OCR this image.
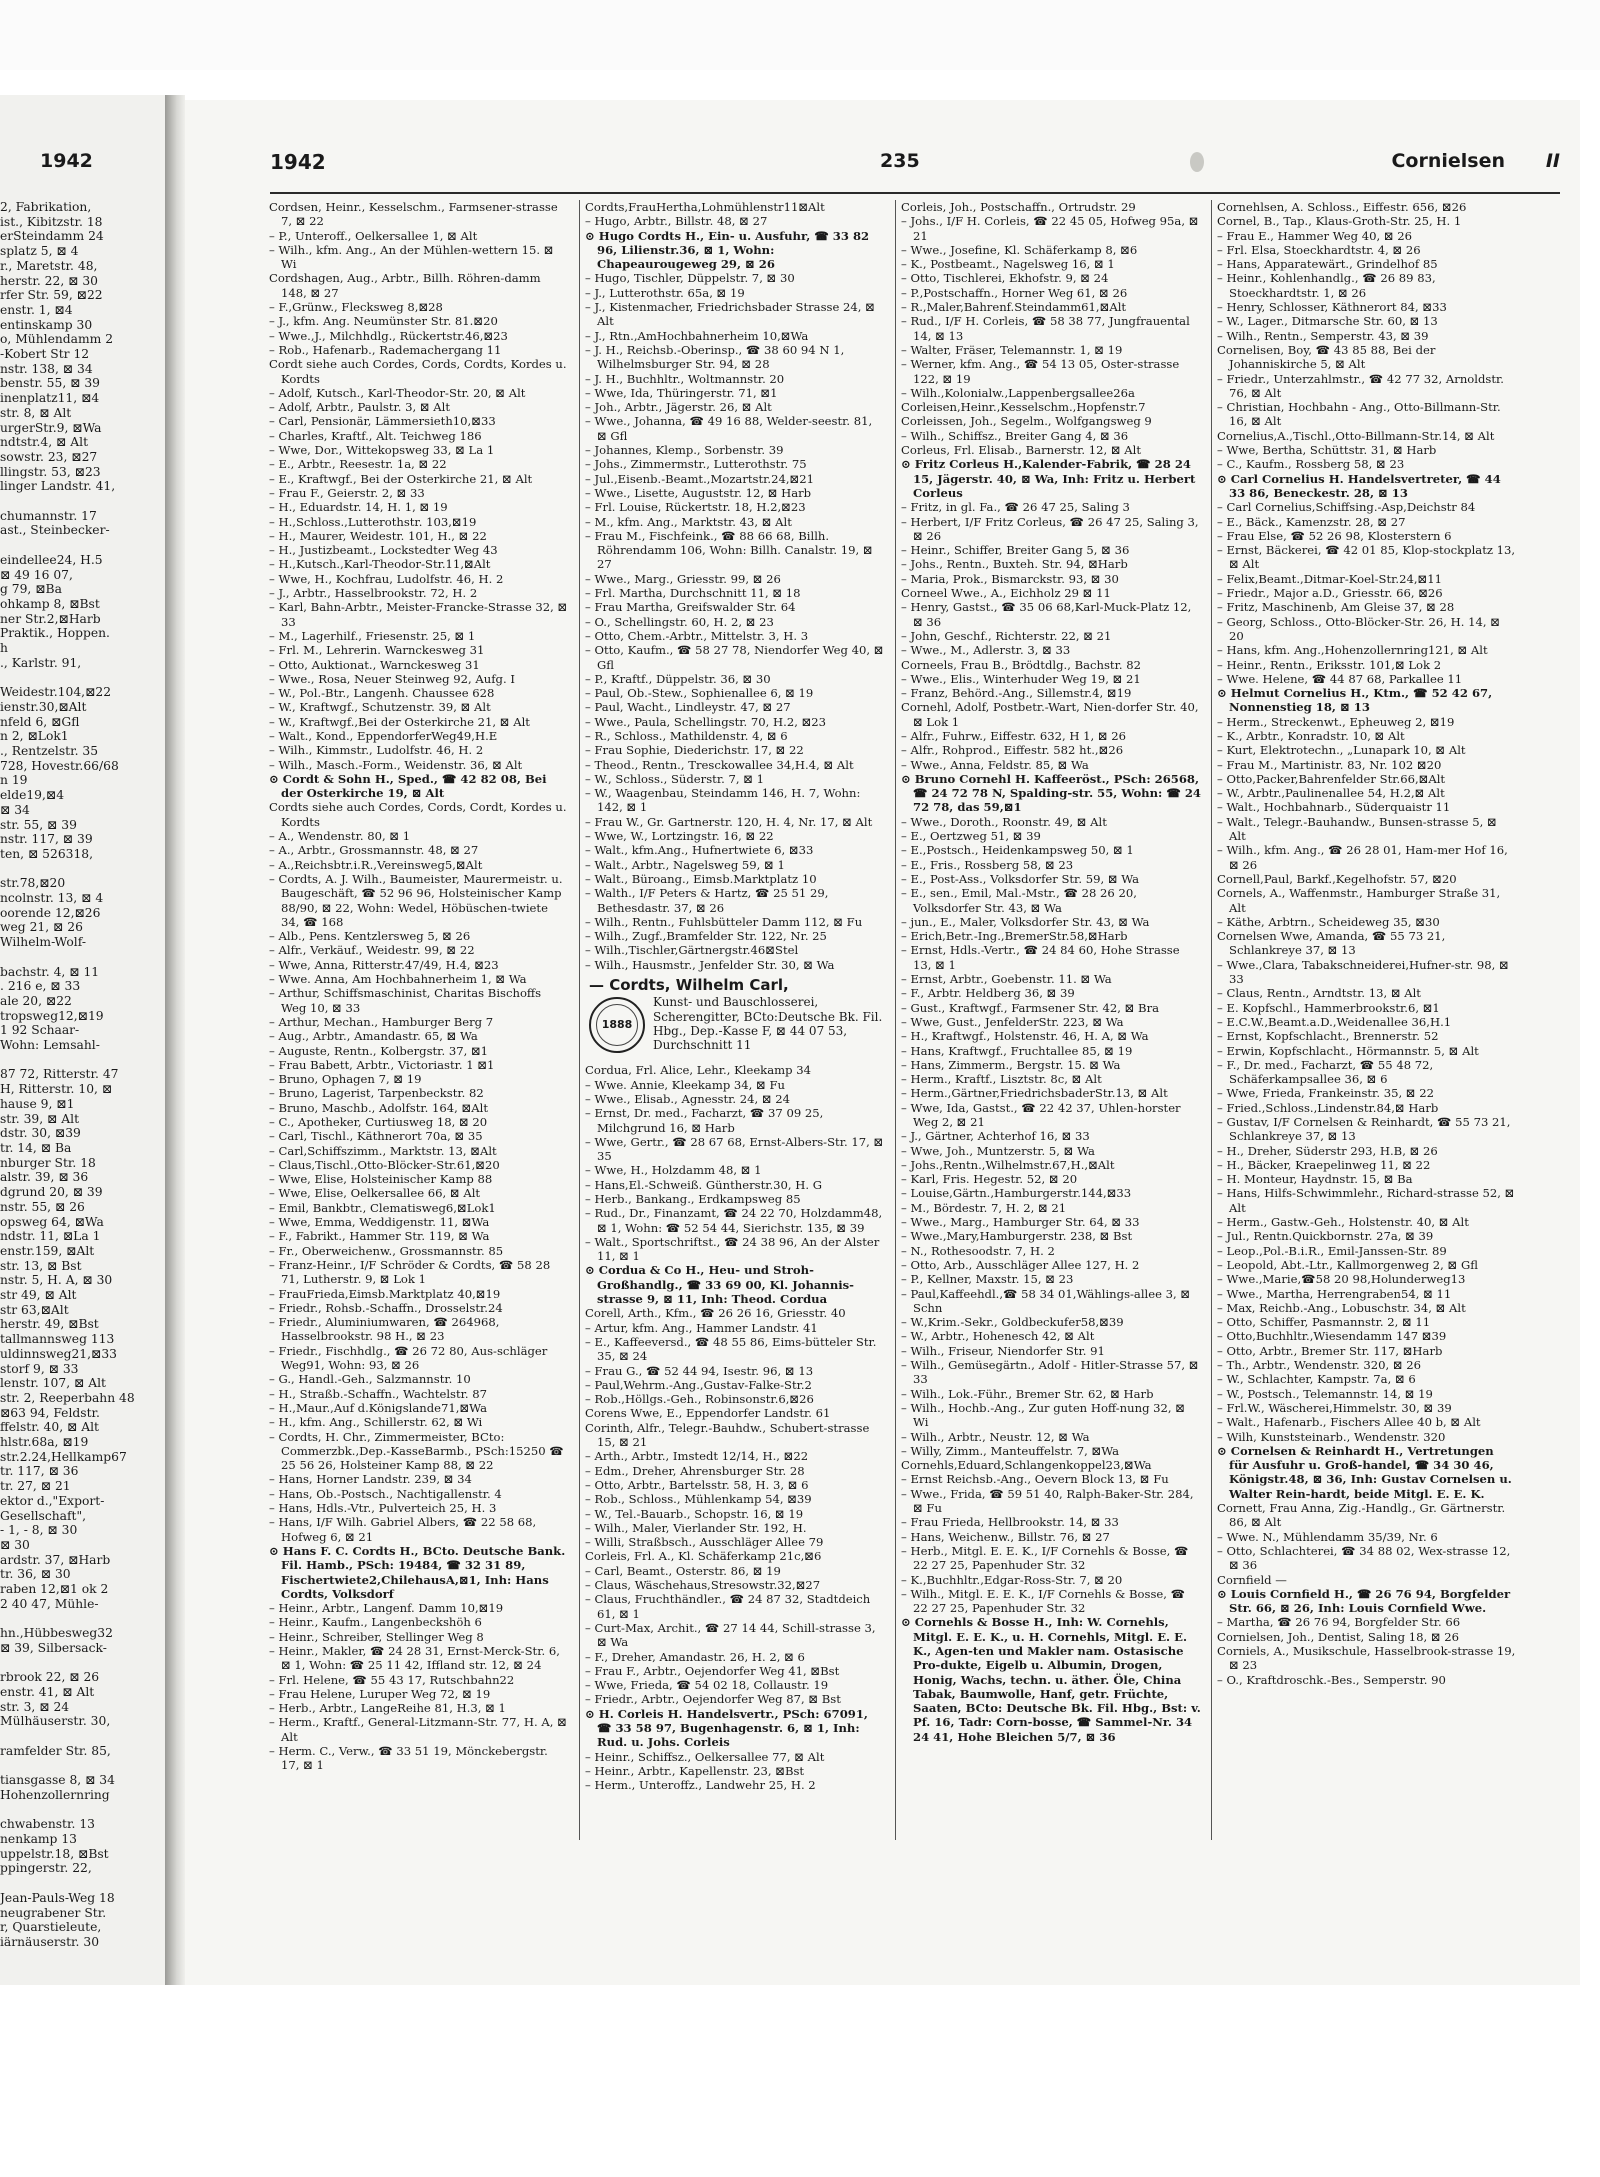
1942
2, Fabrikation,
ist., Kibitzstr. 18
erSteindamm 24
splatz 5, ⊠ 4
r., Maretstr. 48,
herstr. 22, ⊠ 30
rfer Str. 59, ⊠22
enstr. 1, ⊠4
entinskamp 30
o, Mühlendamm 2
-Kobert Str 12
nstr. 138, ⊠ 34
benstr. 55, ⊠ 39
inenplatz11, ⊠4
str. 8, ⊠ Alt
urgerStr.9, ⊠Wa
ndtstr.4, ⊠ Alt
sowstr. 23, ⊠27
llingstr. 53, ⊠23
linger Landstr. 41,

chumannstr. 17
ast., Steinbecker-

eindellee24, H.5
⊠ 49 16 07,
g 79, ⊠Ba
ohkamp 8, ⊠Bst
ner Str.2,⊠Harb
Praktik., Hoppen.
h
., Karlstr. 91,

Weidestr.104,⊠22
ienstr.30,⊠Alt
nfeld 6, ⊠Gfl
n 2, ⊠Lok1
., Rentzelstr. 35
728, Hovestr.66/68
n 19
elde19,⊠4
⊠ 34
str. 55, ⊠ 39
nstr. 117, ⊠ 39
ten, ⊠ 526318,

str.78,⊠20
ncolnstr. 13, ⊠ 4
oorende 12,⊠26
weg 21, ⊠ 26
Wilhelm-Wolf-

bachstr. 4, ⊠ 11
. 216 e, ⊠ 33
ale 20, ⊠22
tropsweg12,⊠19
1 92 Schaar-
Wohn: Lemsahl-

87 72, Ritterstr. 47
H, Ritterstr. 10, ⊠
hause 9, ⊠1
str. 39, ⊠ Alt
dstr. 30, ⊠39
tr. 14, ⊠ Ba
nburger Str. 18
alstr. 39, ⊠ 36
dgrund 20, ⊠ 39
nstr. 55, ⊠ 26
opsweg 64, ⊠Wa
ndstr. 11, ⊠La 1
enstr.159, ⊠Alt
str. 13, ⊠ Bst
nstr. 5, H. A, ⊠ 30
str 49, ⊠ Alt
str 63,⊠Alt
herstr. 49, ⊠Bst
tallmannsweg 113
uldinnsweg21,⊠33
storf 9, ⊠ 33
lenstr. 107, ⊠ Alt
str. 2, Reeperbahn 48
⊠63 94, Feldstr.
ffelstr. 40, ⊠ Alt
hlstr.68a, ⊠19
str.2.24,Hellkamp67
tr. 117, ⊠ 36
tr. 27, ⊠ 21
ektor d.,"Export-
Gesellschaft",
- 1, - 8, ⊠ 30
⊠ 30
ardstr. 37, ⊠Harb
tr. 36, ⊠ 30
raben 12,⊠1 ok 2
2 40 47, Mühle-

hn.,Hübbesweg32
⊠ 39, Silbersack-

rbrook 22, ⊠ 26
enstr. 41, ⊠ Alt
str. 3, ⊠ 24
Mülhäuserstr. 30,

ramfelder Str. 85,

tiansgasse 8, ⊠ 34
Hohenzollernring

chwabenstr. 13
nenkamp 13
uppelstr.18, ⊠Bst
ppingerstr. 22,

Jean-Pauls-Weg 18
neugrabener Str.
r, Quarstieleute,
iärnäuserstr. 30
1942	235	Cornielsen II

Cordsen, Heinr., Kesselschm., Farmsener-strasse 7, ⊠ 22

– P., Unteroff., Oelkersallee 1, ⊠ Alt

– Wilh., kfm. Ang., An der Mühlen-wettern 15. ⊠ Wi

Cordshagen, Aug., Arbtr., Billh. Röhren-damm 148, ⊠ 27

– F.,Grünw., Flecksweg 8,⊠28

– J., kfm. Ang. Neumünster Str. 81.⊠20

– Wwe.,J., Milchhdlg., Rückertstr.46,⊠23

– Rob., Hafenarb., Rademachergang 11

Cordt siehe auch Cordes, Cords, Cordts, Kordes u. Kordts

– Adolf, Kutsch., Karl-Theodor-Str. 20, ⊠ Alt

– Adolf, Arbtr., Paulstr. 3, ⊠ Alt

– Carl, Pensionär, Lämmersieth10,⊠33

– Charles, Kraftf., Alt. Teichweg 186

– Wwe, Dor., Wittekopsweg 33, ⊠ La 1

– E., Arbtr., Reesestr. 1a, ⊠ 22

– E., Kraftwgf., Bei der Osterkirche 21, ⊠ Alt

– Frau F., Geierstr. 2, ⊠ 33

– H., Eduardstr. 14, H. 1, ⊠ 19

– H.,Schloss.,Lutterothstr. 103,⊠19

– H., Maurer, Weidestr. 101, H., ⊠ 22

– H., Justizbeamt., Lockstedter Weg 43

– H.,Kutsch.,Karl-Theodor-Str.11,⊠Alt

– Wwe, H., Kochfrau, Ludolfstr. 46, H. 2

– J., Arbtr., Hasselbrookstr. 72, H. 2

– Karl, Bahn-Arbtr., Meister-Francke-Strasse 32, ⊠ 33

– M., Lagerhilf., Friesenstr. 25, ⊠ 1

– Frl. M., Lehrerin. Warnckesweg 31

– Otto, Auktionat., Warnckesweg 31

– Wwe., Rosa, Neuer Steinweg 92, Aufg. I

– W., Pol.-Btr., Langenh. Chaussee 628

– W., Kraftwgf., Schutzenstr. 39, ⊠ Alt

– W., Kraftwgf.,Bei der Osterkirche 21, ⊠ Alt

– Walt., Kond., EppendorferWeg49,H.E

– Wilh., Kimmstr., Ludolfstr. 46, H. 2

– Wilh., Masch.-Form., Weidenstr. 36, ⊠ Alt

⊙ Cordt & Sohn H., Sped., ☎ 42 82 08, Bei der Osterkirche 19, ⊠ Alt

Cordts siehe auch Cordes, Cords, Cordt, Kordes u. Kordts

– A., Wendenstr. 80, ⊠ 1

– A., Arbtr., Grossmannstr. 48, ⊠ 27

– A.,Reichsbtr.i.R.,Vereinsweg5,⊠Alt

– Cordts, A. J. Wilh., Baumeister, Maurermeistr. u. Baugeschäft, ☎ 52 96 96, Holsteinischer Kamp 88/90, ⊠ 22, Wohn: Wedel, Höbüschen-twiete 34, ☎ 168

– Alb., Pens. Kentzlersweg 5, ⊠ 26

– Alfr., Verkäuf., Weidestr. 99, ⊠ 22

– Wwe, Anna, Ritterstr.47/49, H.4, ⊠23

– Wwe. Anna, Am Hochbahnerheim 1, ⊠ Wa

– Arthur, Schiffsmaschinist, Charitas Bischoffs Weg 10, ⊠ 33

– Arthur, Mechan., Hamburger Berg 7

– Aug., Arbtr., Amandastr. 65, ⊠ Wa

– Auguste, Rentn., Kolbergstr. 37, ⊠1

– Frau Babett, Arbtr., Victoriastr. 1 ⊠1

– Bruno, Ophagen 7, ⊠ 19

– Bruno, Lagerist, Tarpenbeckstr. 82

– Bruno, Maschb., Adolfstr. 164, ⊠Alt

– C., Apotheker, Curtiusweg 18, ⊠ 20

– Carl, Tischl., Käthnerort 70a, ⊠ 35

– Carl,Schiffszimm., Marktstr. 13, ⊠Alt

– Claus,Tischl.,Otto-Blöcker-Str.61,⊠20

– Wwe, Elise, Holsteinischer Kamp 88

– Wwe, Elise, Oelkersallee 66, ⊠ Alt

– Emil, Bankbtr., Clematisweg6,⊠Lok1

– Wwe, Emma, Weddigenstr. 11, ⊠Wa

– F., Fabrikt., Hammer Str. 119, ⊠ Wa

– Fr., Oberweichenw., Grossmannstr. 85

– Franz-Heinr., I/F Schröder & Cordts, ☎ 58 28 71, Lutherstr. 9, ⊠ Lok 1

– FrauFrieda,Eimsb.Marktplatz 40,⊠19

– Friedr., Rohsb.-Schaffn., Drosselstr.24

– Friedr., Aluminiumwaren, ☎ 264968, Hasselbrookstr. 98 H., ⊠ 23

– Friedr., Fischhdlg., ☎ 26 72 80, Aus-schläger Weg91, Wohn: 93, ⊠ 26

– G., Handl.-Geh., Salzmannstr. 10

– H., Straßb.-Schaffn., Wachtelstr. 87

– H.,Maur.,Auf d.Königslande71,⊠Wa

– H., kfm. Ang., Schillerstr. 62, ⊠ Wi

– Cordts, H. Chr., Zimmermeister, BCto: Commerzbk.,Dep.-KasseBarmb., PSch:15250 ☎ 25 56 26, Holsteiner Kamp 88, ⊠ 22

– Hans, Horner Landstr. 239, ⊠ 34

– Hans, Ob.-Postsch., Nachtigallenstr. 4

– Hans, Hdls.-Vtr., Pulverteich 25, H. 3

– Hans, I/F Wilh. Gabriel Albers, ☎ 22 58 68, Hofweg 6, ⊠ 21

⊙ Hans F. C. Cordts H., BCto. Deutsche Bank. Fil. Hamb., PSch: 19484, ☎ 32 31 89, Fischertwiete2,ChilehausA,⊠1, Inh: Hans Cordts, Volksdorf

– Heinr., Arbtr., Langenf. Damm 10,⊠19

– Heinr., Kaufm., Langenbeckshöh 6

– Heinr., Schreiber, Stellinger Weg 8

– Heinr., Makler, ☎ 24 28 31, Ernst-Merck-Str. 6, ⊠ 1, Wohn: ☎ 25 11 42, Iffland str. 12, ⊠ 24

– Frl. Helene, ☎ 55 43 17, Rutschbahn22

– Frau Helene, Luruper Weg 72, ⊠ 19

– Herb., Arbtr., LangeReihe 81, H.3, ⊠ 1

– Herm., Kraftf., General-Litzmann-Str. 77, H. A, ⊠ Alt

– Herm. C., Verw., ☎ 33 51 19, Mönckebergstr. 17, ⊠ 1

Cordts,FrauHertha,Lohmühlenstr11⊠Alt

– Hugo, Arbtr., Billstr. 48, ⊠ 27

⊙ Hugo Cordts H., Ein- u. Ausfuhr, ☎ 33 82 96, Lilienstr.36, ⊠ 1, Wohn: Chapeaurougeweg 29, ⊠ 26

– Hugo, Tischler, Düppelstr. 7, ⊠ 30

– J., Lutterothstr. 65a, ⊠ 19

– J., Kistenmacher, Friedrichsbader Strasse 24, ⊠ Alt

– J., Rtn.,AmHochbahnerheim 10,⊠Wa

– J. H., Reichsb.-Oberinsp., ☎ 38 60 94 N 1, Wilhelmsburger Str. 94, ⊠ 28

– J. H., Buchhltr., Woltmannstr. 20

– Wwe, Ida, Thüringerstr. 71, ⊠1

– Joh., Arbtr., Jägerstr. 26, ⊠ Alt

– Wwe., Johanna, ☎ 49 16 88, Welder-seestr. 81, ⊠ Gfl

– Johannes, Klemp., Sorbenstr. 39

– Johs., Zimmermstr., Lutterothstr. 75

– Jul.,Eisenb.-Beamt.,Mozartstr.24,⊠21

– Wwe., Lisette, Auguststr. 12, ⊠ Harb

– Frl. Louise, Rückertstr. 18, H.2,⊠23

– M., kfm. Ang., Marktstr. 43, ⊠ Alt

– Frau M., Fischfeink., ☎ 88 66 68, Billh. Röhrendamm 106, Wohn: Billh. Canalstr. 19, ⊠ 27

– Wwe., Marg., Griesstr. 99, ⊠ 26

– Frl. Martha, Durchschnitt 11, ⊠ 18

– Frau Martha, Greifswalder Str. 64

– O., Schellingstr. 60, H. 2, ⊠ 23

– Otto, Chem.-Arbtr., Mittelstr. 3, H. 3

– Otto, Kaufm., ☎ 58 27 78, Niendorfer Weg 40, ⊠ Gfl

– P., Kraftf., Düppelstr. 36, ⊠ 30

– Paul, Ob.-Stew., Sophienallee 6, ⊠ 19

– Paul, Wacht., Lindleystr. 47, ⊠ 27

– Wwe., Paula, Schellingstr. 70, H.2, ⊠23

– R., Schloss., Mathildenstr. 4, ⊠ 6

– Frau Sophie, Diederichstr. 17, ⊠ 22

– Theod., Rentn., Tresckowallee 34,H.4, ⊠ Alt

– W., Schloss., Süderstr. 7, ⊠ 1

– W., Waagenbau, Steindamm 146, H. 7, Wohn: 142, ⊠ 1

– Frau W., Gr. Gartnerstr. 120, H. 4, Nr. 17, ⊠ Alt

– Wwe, W., Lortzingstr. 16, ⊠ 22

– Walt., kfm.Ang., Hufnertwiete 6, ⊠33

– Walt., Arbtr., Nagelsweg 59, ⊠ 1

– Walt., Büroang., Eimsb.Marktplatz 10

– Walth., I/F Peters & Hartz, ☎ 25 51 29, Bethesdastr. 37, ⊠ 26

– Wilh., Rentn., Fuhlsbütteler Damm 112, ⊠ Fu

– Wilh., Zugf.,Bramfelder Str. 122, Nr. 25

– Wilh.,Tischler,Gärtnergstr.46⊠Stel

– Wilh., Hausmstr., Jenfelder Str. 30, ⊠ Wa

— Cordts, Wilhelm Carl,
1888
Kunst- und Bauschlosserei, Scherengitter, BCto:Deutsche Bk. Fil. Hbg., Dep.-Kasse F, ⊠ 44 07 53, Durchschnitt 11

Cordua, Frl. Alice, Lehr., Kleekamp 34

– Wwe. Annie, Kleekamp 34, ⊠ Fu

– Wwe., Elisab., Agnesstr. 24, ⊠ 24

– Ernst, Dr. med., Facharzt, ☎ 37 09 25, Milchgrund 16, ⊠ Harb

– Wwe, Gertr., ☎ 28 67 68, Ernst-Albers-Str. 17, ⊠ 35

– Wwe, H., Holzdamm 48, ⊠ 1

– Hans,El.-Schweiß. Güntherstr.30, H. G

– Herb., Bankang., Erdkampsweg 85

– Rud., Dr., Finanzamt, ☎ 24 22 70, Holzdamm48, ⊠ 1, Wohn: ☎ 52 54 44, Sierichstr. 135, ⊠ 39

– Walt., Sportschriftst., ☎ 24 38 96, An der Alster 11, ⊠ 1

⊙ Cordua & Co H., Heu- und Stroh-Großhandlg., ☎ 33 69 00, Kl. Johannis-strasse 9, ⊠ 11, Inh: Theod. Cordua

Corell, Arth., Kfm., ☎ 26 26 16, Griesstr. 40

– Artur, kfm. Ang., Hammer Landstr. 41

– E., Kaffeeversd., ☎ 48 55 86, Eims-bütteler Str. 35, ⊠ 24

– Frau G., ☎ 52 44 94, Isestr. 96, ⊠ 13

– Paul,Wehrm.-Ang.,Gustav-Falke-Str.2

– Rob.,Höllgs.-Geh., Robinsonstr.6,⊠26

Corens Wwe, E., Eppendorfer Landstr. 61

Corinth, Alfr., Telegr.-Bauhdw., Schubert-strasse 15, ⊠ 21

– Arth., Arbtr., Imstedt 12/14, H., ⊠22

– Edm., Dreher, Ahrensburger Str. 28

– Otto, Arbtr., Bartelsstr. 58, H. 3, ⊠ 6

– Rob., Schloss., Mühlenkamp 54, ⊠39

– W., Tel.-Bauarb., Schopstr. 16, ⊠ 19

– Wilh., Maler, Vierlander Str. 192, H.

– Willi, Straßbsch., Ausschläger Allee 79

Corleis, Frl. A., Kl. Schäferkamp 21c,⊠6

– Carl, Beamt., Osterstr. 86, ⊠ 19

– Claus, Wäschehaus,Stresowstr.32,⊠27

– Claus, Fruchthändler., ☎ 24 87 32, Stadtdeich 61, ⊠ 1

– Curt-Max, Archit., ☎ 27 14 44, Schill-strasse 3, ⊠ Wa

– F., Dreher, Amandastr. 26, H. 2, ⊠ 6

– Frau F., Arbtr., Oejendorfer Weg 41, ⊠Bst

– Wwe, Frieda, ☎ 54 02 18, Collaustr. 19

– Friedr., Arbtr., Oejendorfer Weg 87, ⊠ Bst

⊙ H. Corleis H. Handelsvertr., PSch: 67091, ☎ 33 58 97, Bugenhagenstr. 6, ⊠ 1, Inh: Rud. u. Johs. Corleis

– Heinr., Schiffsz., Oelkersallee 77, ⊠ Alt

– Heinr., Arbtr., Kapellenstr. 23, ⊠Bst

– Herm., Unteroffz., Landwehr 25, H. 2

Corleis, Joh., Postschaffn., Ortrudstr. 29

– Johs., I/F H. Corleis, ☎ 22 45 05, Hofweg 95a, ⊠ 21

– Wwe., Josefine, Kl. Schäferkamp 8, ⊠6

– K., Postbeamt., Nagelsweg 16, ⊠ 1

– Otto, Tischlerei, Ekhofstr. 9, ⊠ 24

– P.,Postschaffn., Horner Weg 61, ⊠ 26

– R.,Maler,Bahrenf.Steindamm61,⊠Alt

– Rud., I/F H. Corleis, ☎ 58 38 77, Jungfrauental 14, ⊠ 13

– Walter, Fräser, Telemannstr. 1, ⊠ 19

– Werner, kfm. Ang., ☎ 54 13 05, Oster-strasse 122, ⊠ 19

– Wilh.,Kolonialw.,Lappenbergsallee26a

Corleisen,Heinr.,Kesselschm.,Hopfenstr.7

Corleissen, Joh., Segelm., Wolfgangsweg 9

– Wilh., Schiffsz., Breiter Gang 4, ⊠ 36

Corleus, Frl. Elisab., Barnerstr. 12, ⊠ Alt

⊙ Fritz Corleus H.,Kalender-Fabrik, ☎ 28 24 15, Jägerstr. 40, ⊠ Wa, Inh: Fritz u. Herbert Corleus

– Fritz, in gl. Fa., ☎ 26 47 25, Saling 3

– Herbert, I/F Fritz Corleus, ☎ 26 47 25, Saling 3, ⊠ 26

– Heinr., Schiffer, Breiter Gang 5, ⊠ 36

– Johs., Rentn., Buxteh. Str. 94, ⊠Harb

– Maria, Prok., Bismarckstr. 93, ⊠ 30

Corneel Wwe., A., Eichholz 29 ⊠ 11

– Henry, Gastst., ☎ 35 06 68,Karl-Muck-Platz 12, ⊠ 36

– John, Geschf., Richterstr. 22, ⊠ 21

– Wwe., M., Adlerstr. 3, ⊠ 33

Corneels, Frau B., Brödtdlg., Bachstr. 82

– Wwe., Elis., Winterhuder Weg 19, ⊠ 21

– Franz, Behörd.-Ang., Sillemstr.4, ⊠19

Cornehl, Adolf, Postbetr.-Wart, Nien-dorfer Str. 40, ⊠ Lok 1

– Alfr., Fuhrw., Eiffestr. 632, H 1, ⊠ 26

– Alfr., Rohprod., Eiffestr. 582 ht.,⊠26

– Wwe., Anna, Feldstr. 85, ⊠ Wa

⊙ Bruno Cornehl H. Kaffeeröst., PSch: 26568, ☎ 24 72 78 N, Spalding-str. 55, Wohn: ☎ 24 72 78, das 59,⊠1

– Wwe., Doroth., Roonstr. 49, ⊠ Alt

– E., Oertzweg 51, ⊠ 39

– E.,Postsch., Heidenkampsweg 50, ⊠ 1

– E., Fris., Rossberg 58, ⊠ 23

– E., Post-Ass., Volksdorfer Str. 59, ⊠ Wa

– E., sen., Emil, Mal.-Mstr., ☎ 28 26 20, Volksdorfer Str. 43, ⊠ Wa

– jun., E., Maler, Volksdorfer Str. 43, ⊠ Wa

– Erich,Betr.-Ing.,BremerStr.58,⊠Harb

– Ernst, Hdls.-Vertr., ☎ 24 84 60, Hohe Strasse 13, ⊠ 1

– Ernst, Arbtr., Goebenstr. 11. ⊠ Wa

– F., Arbtr. Heldberg 36, ⊠ 39

– Gust., Kraftwgf., Farmsener Str. 42, ⊠ Bra

– Wwe, Gust., JenfelderStr. 223, ⊠ Wa

– H., Kraftwgf., Holstenstr. 46, H. A, ⊠ Wa

– Hans, Kraftwgf., Fruchtallee 85, ⊠ 19

– Hans, Zimmerm., Bergstr. 15. ⊠ Wa

– Herm., Kraftf., Lisztstr. 8c, ⊠ Alt

– Herm.,Gärtner,FriedrichsbaderStr.13, ⊠ Alt

– Wwe, Ida, Gastst., ☎ 22 42 37, Uhlen-horster Weg 2, ⊠ 21

– J., Gärtner, Achterhof 16, ⊠ 33

– Wwe, Joh., Muntzerstr. 5, ⊠ Wa

– Johs.,Rentn.,Wilhelmstr.67,H.,⊠Alt

– Karl, Fris. Hegestr. 52, ⊠ 20

– Louise,Gärtn.,Hamburgerstr.144,⊠33

– M., Bördestr. 7, H. 2, ⊠ 21

– Wwe., Marg., Hamburger Str. 64, ⊠ 33

– Wwe.,Mary,Hamburgerstr. 238, ⊠ Bst

– N., Rothesoodstr. 7, H. 2

– Otto, Arb., Ausschläger Allee 127, H. 2

– P., Kellner, Maxstr. 15, ⊠ 23

– Paul,Kaffeehdl.,☎ 58 34 01,Wählings-allee 3, ⊠ Schn

– W.,Krim.-Sekr., Goldbeckufer58,⊠39

– W., Arbtr., Hohenesch 42, ⊠ Alt

– Wilh., Friseur, Niendorfer Str. 91

– Wilh., Gemüsegärtn., Adolf - Hitler-Strasse 57, ⊠ 33

– Wilh., Lok.-Führ., Bremer Str. 62, ⊠ Harb

– Wilh., Hochb.-Ang., Zur guten Hoff-nung 32, ⊠ Wi

– Wilh., Arbtr., Neustr. 12, ⊠ Wa

– Willy, Zimm., Manteuffelstr. 7, ⊠Wa

Cornehls,Eduard,Schlangenkoppel23,⊠Wa

– Ernst Reichsb.-Ang., Oevern Block 13, ⊠ Fu

– Wwe., Frida, ☎ 59 51 40, Ralph-Baker-Str. 284, ⊠ Fu

– Frau Frieda, Hellbrookstr. 14, ⊠ 33

– Hans, Weichenw., Billstr. 76, ⊠ 27

– Herb., Mitgl. E. E. K., I/F Cornehls & Bosse, ☎ 22 27 25, Papenhuder Str. 32

– K.,Buchhltr.,Edgar-Ross-Str. 7, ⊠ 20

– Wilh., Mitgl. E. E. K., I/F Cornehls & Bosse, ☎ 22 27 25, Papenhuder Str. 32

⊙ Cornehls & Bosse H., Inh: W. Cornehls, Mitgl. E. E. K., u. H. Cornehls, Mitgl. E. E. K., Agen-ten und Makler nam. Ostasische Pro-dukte, Eigelb u. Albumin, Drogen, Honig, Wachs, techn. u. äther. Öle, China Tabak, Baumwolle, Hanf, getr. Früchte, Saaten, BCto: Deutsche Bk. Fil. Hbg., Bst: v. Pf. 16, Tadr: Corn-bosse, ☎ Sammel-Nr. 34 24 41, Hohe Bleichen 5/7, ⊠ 36

Cornehlsen, A. Schloss., Eiffestr. 656, ⊠26

Cornel, B., Tap., Klaus-Groth-Str. 25, H. 1

– Frau E., Hammer Weg 40, ⊠ 26

– Frl. Elsa, Stoeckhardtstr. 4, ⊠ 26

– Hans, Apparatewärt., Grindelhof 85

– Heinr., Kohlenhandlg., ☎ 26 89 83, Stoeckhardtstr. 1, ⊠ 26

– Henry, Schlosser, Käthnerort 84, ⊠33

– W., Lager., Ditmarsche Str. 60, ⊠ 13

– Wilh., Rentn., Semperstr. 43, ⊠ 39

Cornelisen, Boy, ☎ 43 85 88, Bei der Johanniskirche 5, ⊠ Alt

– Friedr., Unterzahlmstr., ☎ 42 77 32, Arnoldstr. 76, ⊠ Alt

– Christian, Hochbahn - Ang., Otto-Billmann-Str. 16, ⊠ Alt

Cornelius,A.,Tischl.,Otto-Billmann-Str.14, ⊠ Alt

– Wwe, Bertha, Schüttstr. 31, ⊠ Harb

– C., Kaufm., Rossberg 58, ⊠ 23

⊙ Carl Cornelius H. Handelsvertreter, ☎ 44 33 86, Beneckestr. 28, ⊠ 13

– Carl Cornelius,Schiffsing.-Asp,Deichstr 84

– E., Bäck., Kamenzstr. 28, ⊠ 27

– Frau Else, ☎ 52 26 98, Klosterstern 6

– Ernst, Bäckerei, ☎ 42 01 85, Klop-stockplatz 13, ⊠ Alt

– Felix,Beamt.,Ditmar-Koel-Str.24,⊠11

– Friedr., Major a.D., Griesstr. 66, ⊠26

– Fritz, Maschinenb, Am Gleise 37, ⊠ 28

– Georg, Schloss., Otto-Blöcker-Str. 26, H. 14, ⊠ 20

– Hans, kfm. Ang.,Hohenzollernring121, ⊠ Alt

– Heinr., Rentn., Eriksstr. 101,⊠ Lok 2

– Wwe. Helene, ☎ 44 87 68, Parkallee 11

⊙ Helmut Cornelius H., Ktm., ☎ 52 42 67, Nonnenstieg 18, ⊠ 13

– Herm., Streckenwt., Epheuweg 2, ⊠19

– K., Arbtr., Konradstr. 10, ⊠ Alt

– Kurt, Elektrotechn., „Lunapark 10, ⊠ Alt

– Frau M., Martinistr. 83, Nr. 102 ⊠20

– Otto,Packer,Bahrenfelder Str.66,⊠Alt

– W., Arbtr.,Paulinenallee 54, H.2,⊠ Alt

– Walt., Hochbahnarb., Süderquaistr 11

– Walt., Telegr.-Bauhandw., Bunsen-strasse 5, ⊠ Alt

– Wilh., kfm. Ang., ☎ 26 28 01, Ham-mer Hof 16, ⊠ 26

Cornell,Paul, Barkf.,Kegelhofstr. 57, ⊠20

Cornels, A., Waffenmstr., Hamburger Straße 31, Alt

– Käthe, Arbtrn., Scheideweg 35, ⊠30

Cornelsen Wwe, Amanda, ☎ 55 73 21, Schlankreye 37, ⊠ 13

– Wwe.,Clara, Tabakschneiderei,Hufner-str. 98, ⊠ 33

– Claus, Rentn., Arndtstr. 13, ⊠ Alt

– E. Kopfschl., Hammerbrookstr.6, ⊠1

– E.C.W.,Beamt.a.D.,Weidenallee 36,H.1

– Ernst, Kopfschlacht., Brennerstr. 52

– Erwin, Kopfschlacht., Hörmannstr. 5, ⊠ Alt

– F., Dr. med., Facharzt, ☎ 55 48 72, Schäferkampsallee 36, ⊠ 6

– Wwe, Frieda, Frankeinstr. 35, ⊠ 22

– Fried.,Schloss.,Lindenstr.84,⊠ Harb

– Gustav, I/F Cornelsen & Reinhardt, ☎ 55 73 21, Schlankreye 37, ⊠ 13

– H., Dreher, Süderstr 293, H.B, ⊠ 26

– H., Bäcker, Kraepelinweg 11, ⊠ 22

– H. Monteur, Haydnstr. 15, ⊠ Ba

– Hans, Hilfs-Schwimmlehr., Richard-strasse 52, ⊠ Alt

– Herm., Gastw.-Geh., Holstenstr. 40, ⊠ Alt

– Jul., Rentn.Quickbornstr. 27a, ⊠ 39

– Leop.,Pol.-B.i.R., Emil-Janssen-Str. 89

– Leopold, Abt.-Ltr., Kallmorgenweg 2, ⊠ Gfl

– Wwe.,Marie,☎58 20 98,Holunderweg13

– Wwe., Martha, Herrengraben54, ⊠ 11

– Max, Reichb.-Ang., Lobuschstr. 34, ⊠ Alt

– Otto, Schiffer, Pasmannstr. 2, ⊠ 11

– Otto,Buchhltr.,Wiesendamm 147 ⊠39

– Otto, Arbtr., Bremer Str. 117, ⊠Harb

– Th., Arbtr., Wendenstr. 320, ⊠ 26

– W., Schlachter, Kampstr. 7a, ⊠ 6

– W., Postsch., Telemannstr. 14, ⊠ 19

– Frl.W., Wäscherei,Himmelstr. 30, ⊠ 39

– Walt., Hafenarb., Fischers Allee 40 b, ⊠ Alt

– Wilh, Kunststeinarb., Wendenstr. 320

⊙ Cornelsen & Reinhardt H., Vertretungen für Ausfuhr u. Groß-handel, ☎ 34 30 46, Königstr.48, ⊠ 36, Inh: Gustav Cornelsen u. Walter Rein-hardt, beide Mitgl. E. E. K.

Cornett, Frau Anna, Zig.-Handlg., Gr. Gärtnerstr. 86, ⊠ Alt

– Wwe. N., Mühlendamm 35/39, Nr. 6

– Otto, Schlachterei, ☎ 34 88 02, Wex-strasse 12, ⊠ 36

Cornfield —

⊙ Louis Cornfield H., ☎ 26 76 94, Borgfelder Str. 66, ⊠ 26, Inh: Louis Cornfield Wwe.

– Martha, ☎ 26 76 94, Borgfelder Str. 66

Cornielsen, Joh., Dentist, Saling 18, ⊠ 26

Corniels, A., Musikschule, Hasselbrook-strasse 19, ⊠ 23

– O., Kraftdroschk.-Bes., Semperstr. 90
